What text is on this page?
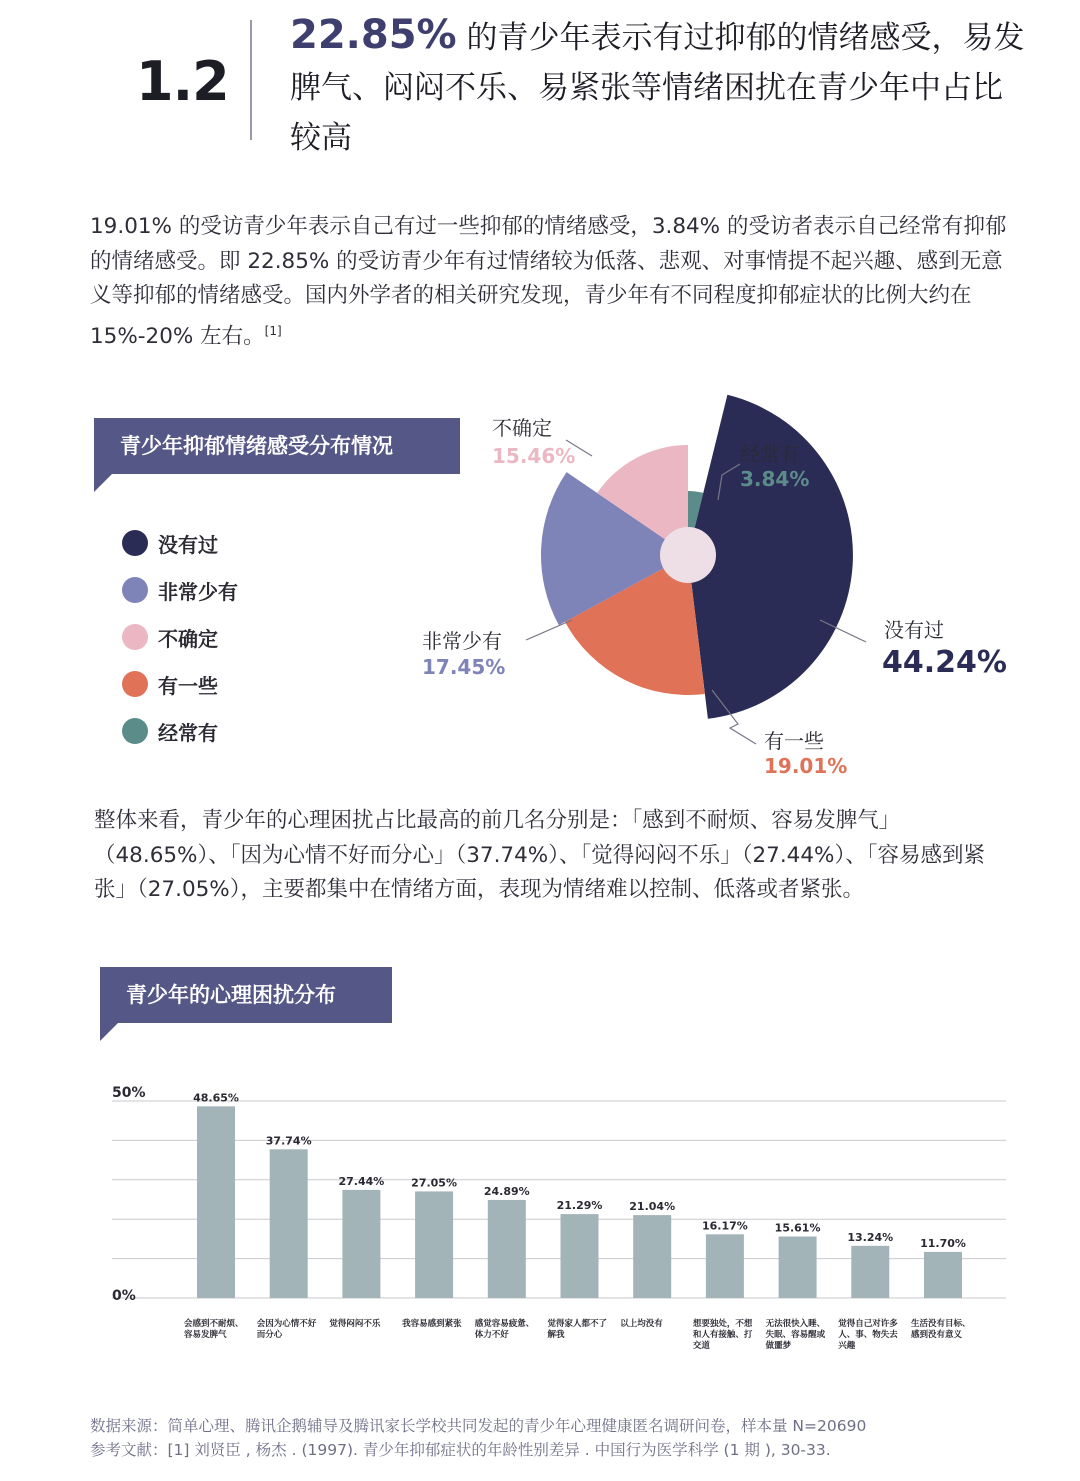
1.2
22.85% 的青少年表示有过抑郁的情绪感受，易发脾气、闷闷不乐、易紧张等情绪困扰在青少年中占比较高
19.01% 的受访青少年表示自己有过一些抑郁的情绪感受，3.84% 的受访者表示自己经常有抑郁的情绪感受。即 22.85% 的受访青少年有过情绪较为低落、悲观、对事情提不起兴趣、感到无意义等抑郁的情绪感受。国内外学者的相关研究发现，青少年有不同程度抑郁症状的比例大约在 15%-20% 左右。[1]
青少年抑郁情绪感受分布情况
没有过
非常少有
不确定
有一些
经常有
经常有
3.84%
没有过
44.24%
有一些
19.01%
非常少有
17.45%
不确定
15.46%
整体来看，青少年的心理困扰占比最高的前几名分别是：「感到不耐烦、容易发脾气」（48.65%）、「因为心情不好而分心」（37.74%）、「觉得闷闷不乐」（27.44%）、「容易感到紧张」（27.05%），主要都集中在情绪方面，表现为情绪难以控制、低落或者紧张。
青少年的心理困扰分布
50%
0%
48.65%
会感到不耐烦、容易发脾气
37.74%
会因为心情不好而分心
27.44%
觉得闷闷不乐
27.05%
我容易感到紧张
24.89%
感觉容易疲惫、体力不好
21.29%
觉得家人都不了解我
21.04%
以上均没有
16.17%
想要独处，不想和人有接触、打交道
15.61%
无法很快入睡、失眠、容易醒或做噩梦
13.24%
觉得自己对许多人、事、物失去兴趣
11.70%
生活没有目标、感到没有意义
数据来源：简单心理、腾讯企鹅辅导及腾讯家长学校共同发起的青少年心理健康匿名调研问卷，样本量 N=20690
参考文献：[1] 刘贤臣 , 杨杰 . (1997). 青少年抑郁症状的年龄性别差异 . 中国行为医学科学 (1 期 ), 30-33.
